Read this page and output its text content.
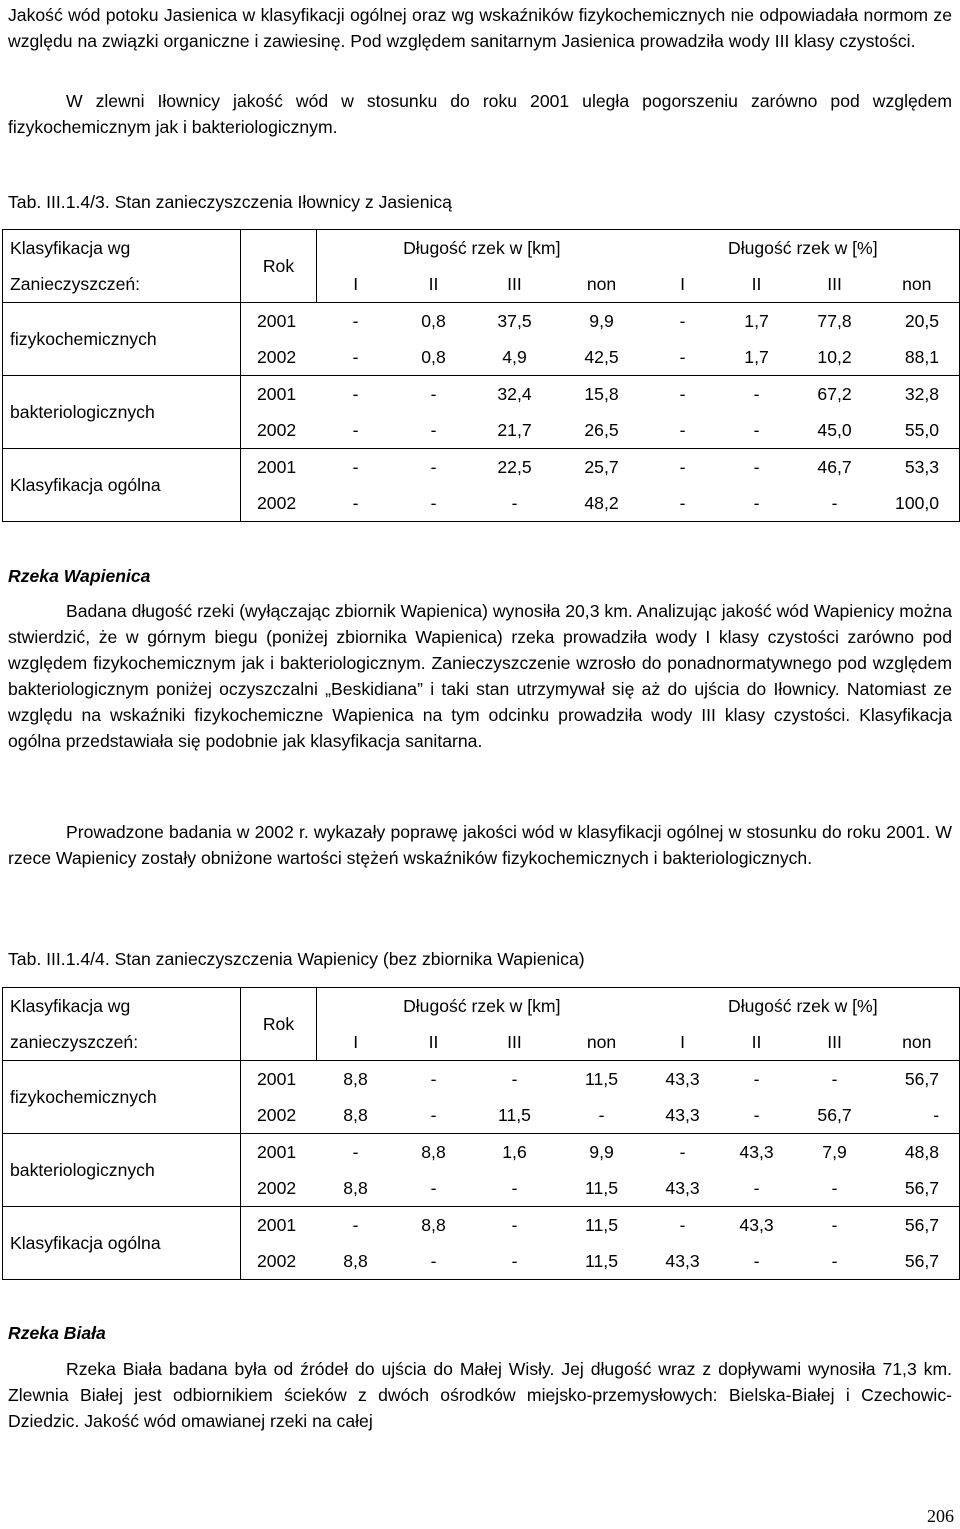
Jakość wód potoku Jasienica w klasyfikacji ogólnej oraz wg wskaźników fizykochemicznych nie odpowiadała normom ze względu na związki organiczne i zawiesinę. Pod względem sanitarnym Jasienica prowadziła wody III klasy czystości.

W zlewni Iłownicy jakość wód w stosunku do roku 2001 uległa pogorszeniu zarówno pod względem fizykochemicznym jak i bakteriologicznym.

Tab. III.1.4/3. Stan zanieczyszczenia Iłownicy z Jasienicą

Klasyfikacja wg
Zanieczyszczeń:	Rok	Długość rzek w [km]				Długość rzek w [%]			
		I	II	III	non	I	II	III	non
fizykochemicznych	2001	-	0,8	37,5	9,9	-	1,7	77,8	20,5
	2002	-	0,8	4,9	42,5	-	1,7	10,2	88,1
bakteriologicznych	2001	-	-	32,4	15,8	-	-	67,2	32,8
	2002	-	-	21,7	26,5	-	-	45,0	55,0
Klasyfikacja ogólna	2001	-	-	22,5	25,7	-	-	46,7	53,3
	2002	-	-	-	48,2	-	-	-	100,0

Rzeka Wapienica

Badana długość rzeki (wyłączając zbiornik Wapienica) wynosiła 20,3 km. Analizując jakość wód Wapienicy można stwierdzić, że w górnym biegu (poniżej zbiornika Wapienica) rzeka prowadziła wody I klasy czystości zarówno pod względem fizykochemicznym jak i bakteriologicznym. Zanieczyszczenie wzrosło do ponadnormatywnego pod względem bakteriologicznym poniżej oczyszczalni „Beskidiana” i taki stan utrzymywał się aż do ujścia do Iłownicy. Natomiast ze względu na wskaźniki fizykochemiczne Wapienica na tym odcinku prowadziła wody III klasy czystości. Klasyfikacja ogólna przedstawiała się podobnie jak klasyfikacja sanitarna.

Prowadzone badania w 2002 r. wykazały poprawę jakości wód w klasyfikacji ogólnej w stosunku do roku 2001. W rzece Wapienicy zostały obniżone wartości stężeń wskaźników fizykochemicznych i bakteriologicznych.

Tab. III.1.4/4. Stan zanieczyszczenia Wapienicy (bez zbiornika Wapienica)

Klasyfikacja wg
zanieczyszczeń:	Rok	Długość rzek w [km]				Długość rzek w [%]			
		I	II	III	non	I	II	III	non
fizykochemicznych	2001	8,8	-	-	11,5	43,3	-	-	56,7
	2002	8,8	-	11,5	-	43,3	-	56,7	-
bakteriologicznych	2001	-	8,8	1,6	9,9	-	43,3	7,9	48,8
	2002	8,8	-	-	11,5	43,3	-	-	56,7
Klasyfikacja ogólna	2001	-	8,8	-	11,5	-	43,3	-	56,7
	2002	8,8	-	-	11,5	43,3	-	-	56,7

Rzeka Biała

Rzeka Biała badana była od źródeł do ujścia do Małej Wisły. Jej długość wraz z dopływami wynosiła 71,3 km. Zlewnia Białej jest odbiornikiem ścieków z dwóch ośrodków miejsko-przemysłowych: Bielska-Białej i Czechowic-Dziedzic. Jakość wód omawianej rzeki na całej

206
